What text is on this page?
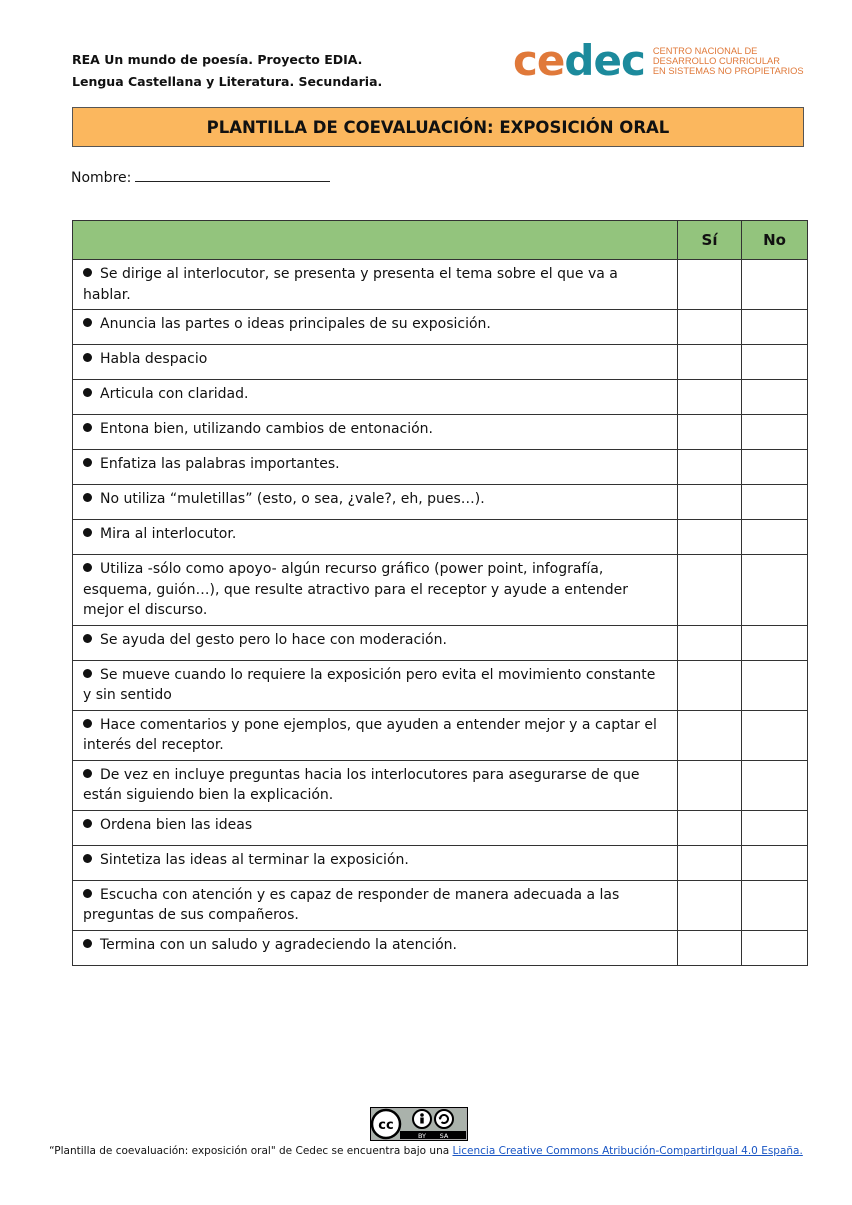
REA Un mundo de poesía. Proyecto EDIA.
Lengua Castellana y Literatura. Secundaria.	cedec CENTRO NACIONAL DE
DESARROLLO CURRICULAR
EN SISTEMAS NO PROPIETARIOS
PLANTILLA DE COEVALUACIÓN: EXPOSICIÓN ORAL
Nombre:
	Sí	No
Se dirige al interlocutor, se presenta y presenta el tema sobre el que va a hablar.		
Anuncia las partes o ideas principales de su exposición.		
Habla despacio		
Articula con claridad.		
Entona bien, utilizando cambios de entonación.		
Enfatiza las palabras importantes.		
No utiliza “muletillas” (esto, o sea, ¿vale?, eh, pues…).		
Mira al interlocutor.		
Utiliza -sólo como apoyo- algún recurso gráfico (power point, infografía, esquema, guión…), que resulte atractivo para el receptor y ayude a entender mejor el discurso.		
Se ayuda del gesto pero lo hace con moderación.		
Se mueve cuando lo requiere la exposición pero evita el movimiento constante y sin sentido		
Hace comentarios y pone ejemplos, que ayuden a entender mejor y a captar el interés del receptor.		
De vez en incluye preguntas hacia los interlocutores para asegurarse de que están siguiendo bien la explicación.		
Ordena bien las ideas		
Sintetiza las ideas al terminar la exposición.		
Escucha con atención y es capaz de responder de manera adecuada a las preguntas de sus compañeros.		
Termina con un saludo y agradeciendo la atención.		
cc
BY SA
“Plantilla de coevaluación: exposición oral" de Cedec se encuentra bajo una Licencia Creative Commons Atribución-CompartirIgual 4.0 España.
